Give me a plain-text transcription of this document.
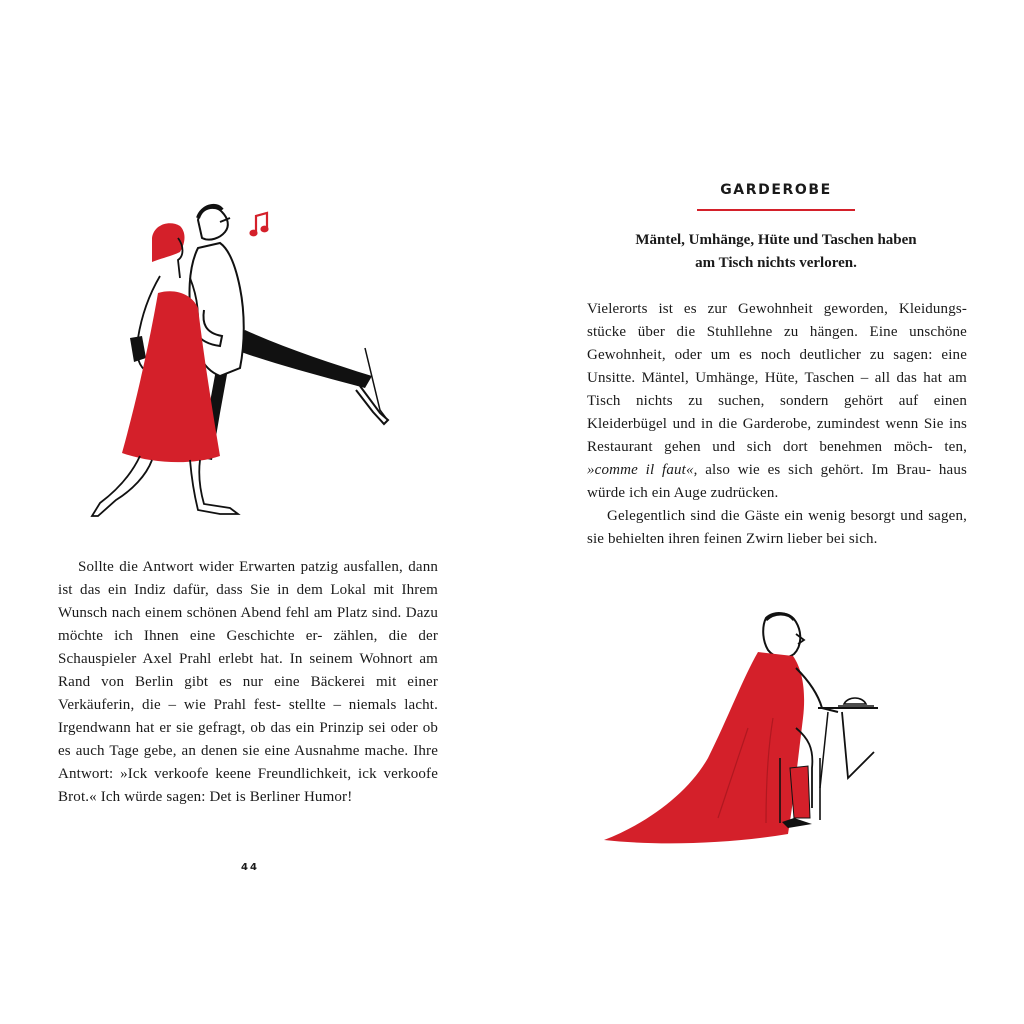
Sollte die Antwort wider Erwarten patzig ausfallen, dann ist das ein Indiz dafür, dass Sie in dem Lokal mit Ihrem Wunsch nach einem schönen Abend fehl am Platz sind. Dazu möchte ich Ihnen eine Geschichte er- zählen, die der Schauspieler Axel Prahl erlebt hat. In seinem Wohnort am Rand von Berlin gibt es nur eine Bäckerei mit einer Verkäuferin, die – wie Prahl fest- stellte – niemals lacht. Irgendwann hat er sie gefragt, ob das ein Prinzip sei oder ob es auch Tage gebe, an denen sie eine Ausnahme mache. Ihre Antwort: »Ick verkoofe keene Freundlichkeit, ick verkoofe Brot.« Ich würde sagen: Det is Berliner Humor!

44
GARDEROBE
Mäntel, Umhänge, Hüte und Taschen haben
am Tisch nichts verloren.

Vielerorts ist es zur Gewohnheit geworden, Kleidungs- stücke über die Stuhllehne zu hängen. Eine unschöne Gewohnheit, oder um es noch deutlicher zu sagen: eine Unsitte. Mäntel, Umhänge, Hüte, Taschen – all das hat am Tisch nichts zu suchen, sondern gehört auf einen Kleiderbügel und in die Garderobe, zumindest wenn Sie ins Restaurant gehen und sich dort benehmen möch- ten, »comme il faut«, also wie es sich gehört. Im Brau- haus würde ich ein Auge zudrücken.

Gelegentlich sind die Gäste ein wenig besorgt und sagen, sie behielten ihren feinen Zwirn lieber bei sich.
